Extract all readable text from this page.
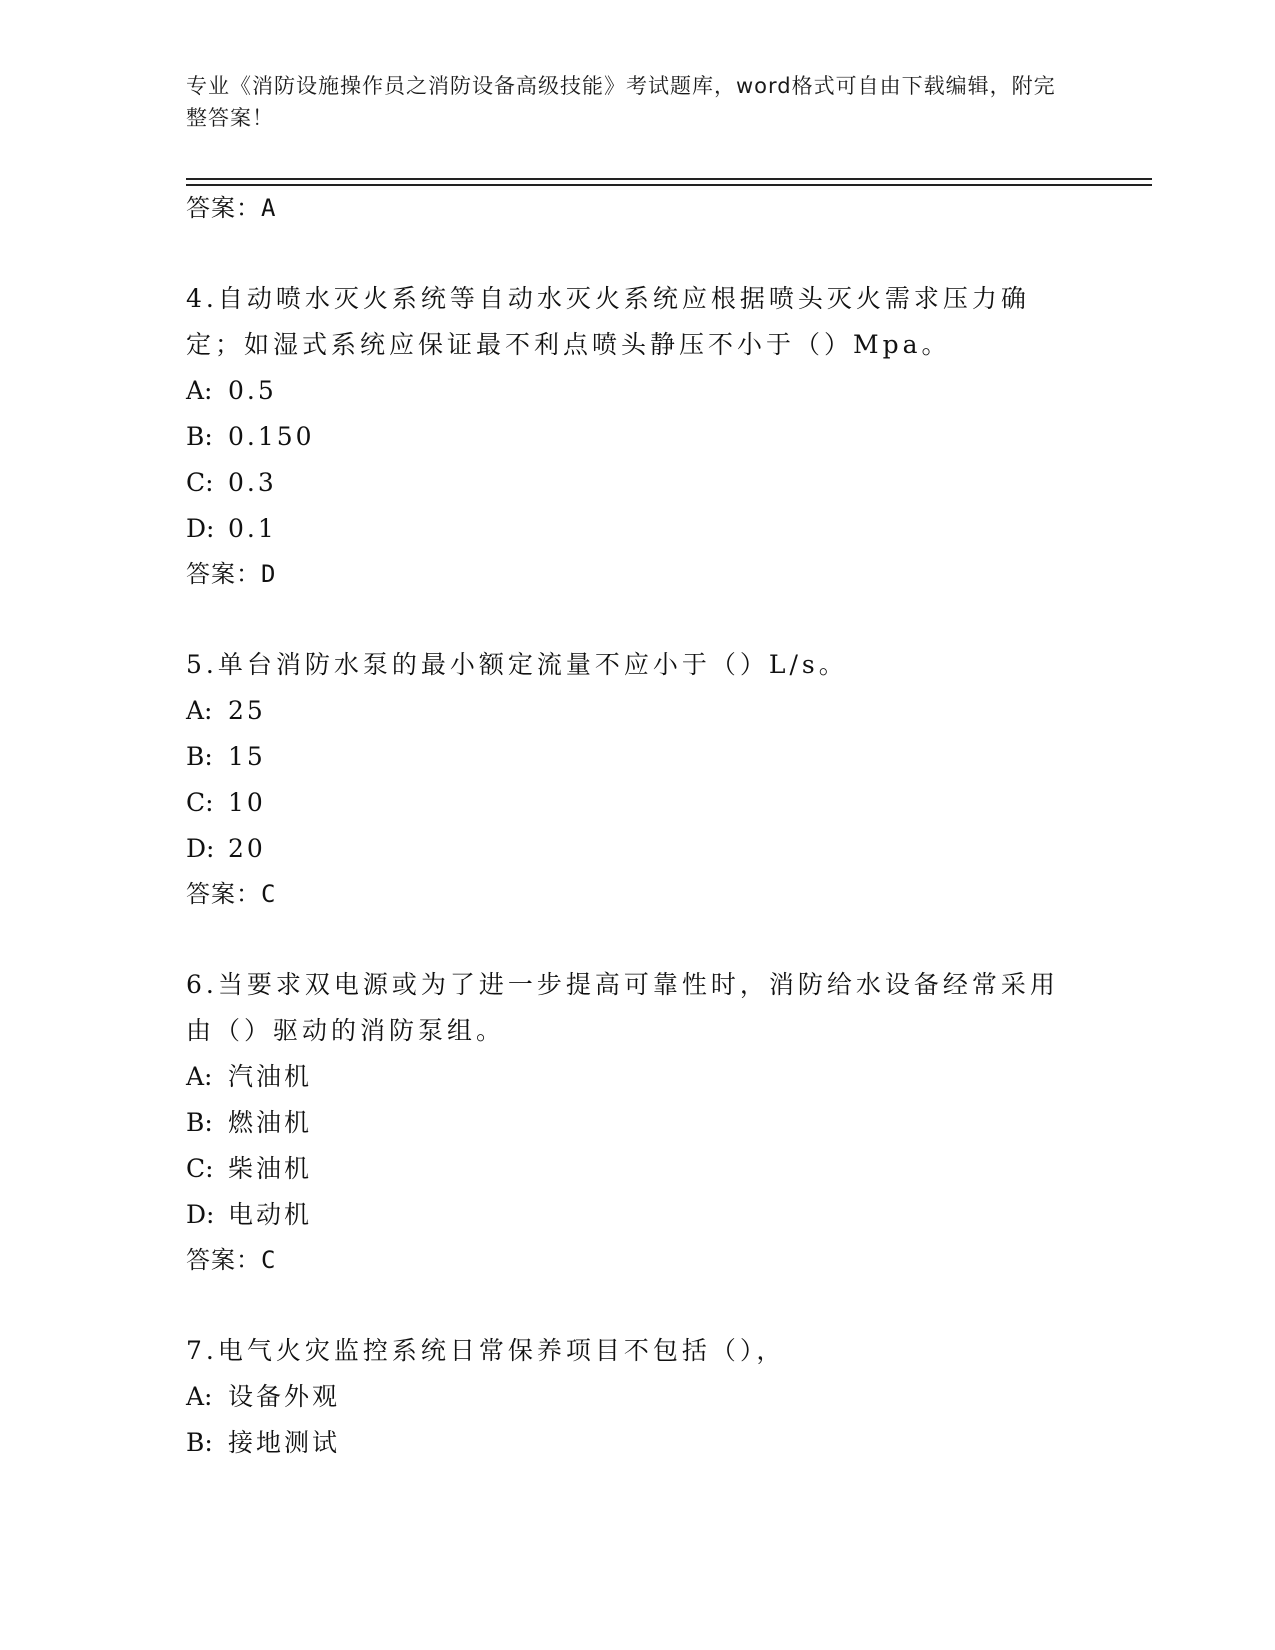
专业《消防设施操作员之消防设备高级技能》考试题库，word格式可自由下载编辑，附完整答案！
答案：A

4.自动喷水灭火系统等自动水灭火系统应根据喷头灭火需求压力确定；如湿式系统应保证最不利点喷头静压不小于（）Mpa。

A: 0.5
B: 0.150
C: 0.3
D: 0.1
答案：D

5.单台消防水泵的最小额定流量不应小于（）L/s。

A: 25
B: 15
C: 10
D: 20
答案：C

6.当要求双电源或为了进一步提高可靠性时，消防给水设备经常采用由（）驱动的消防泵组。

A: 汽油机
B: 燃油机
C: 柴油机
D: 电动机
答案：C

7.电气火灾监控系统日常保养项目不包括（），

A: 设备外观
B: 接地测试
